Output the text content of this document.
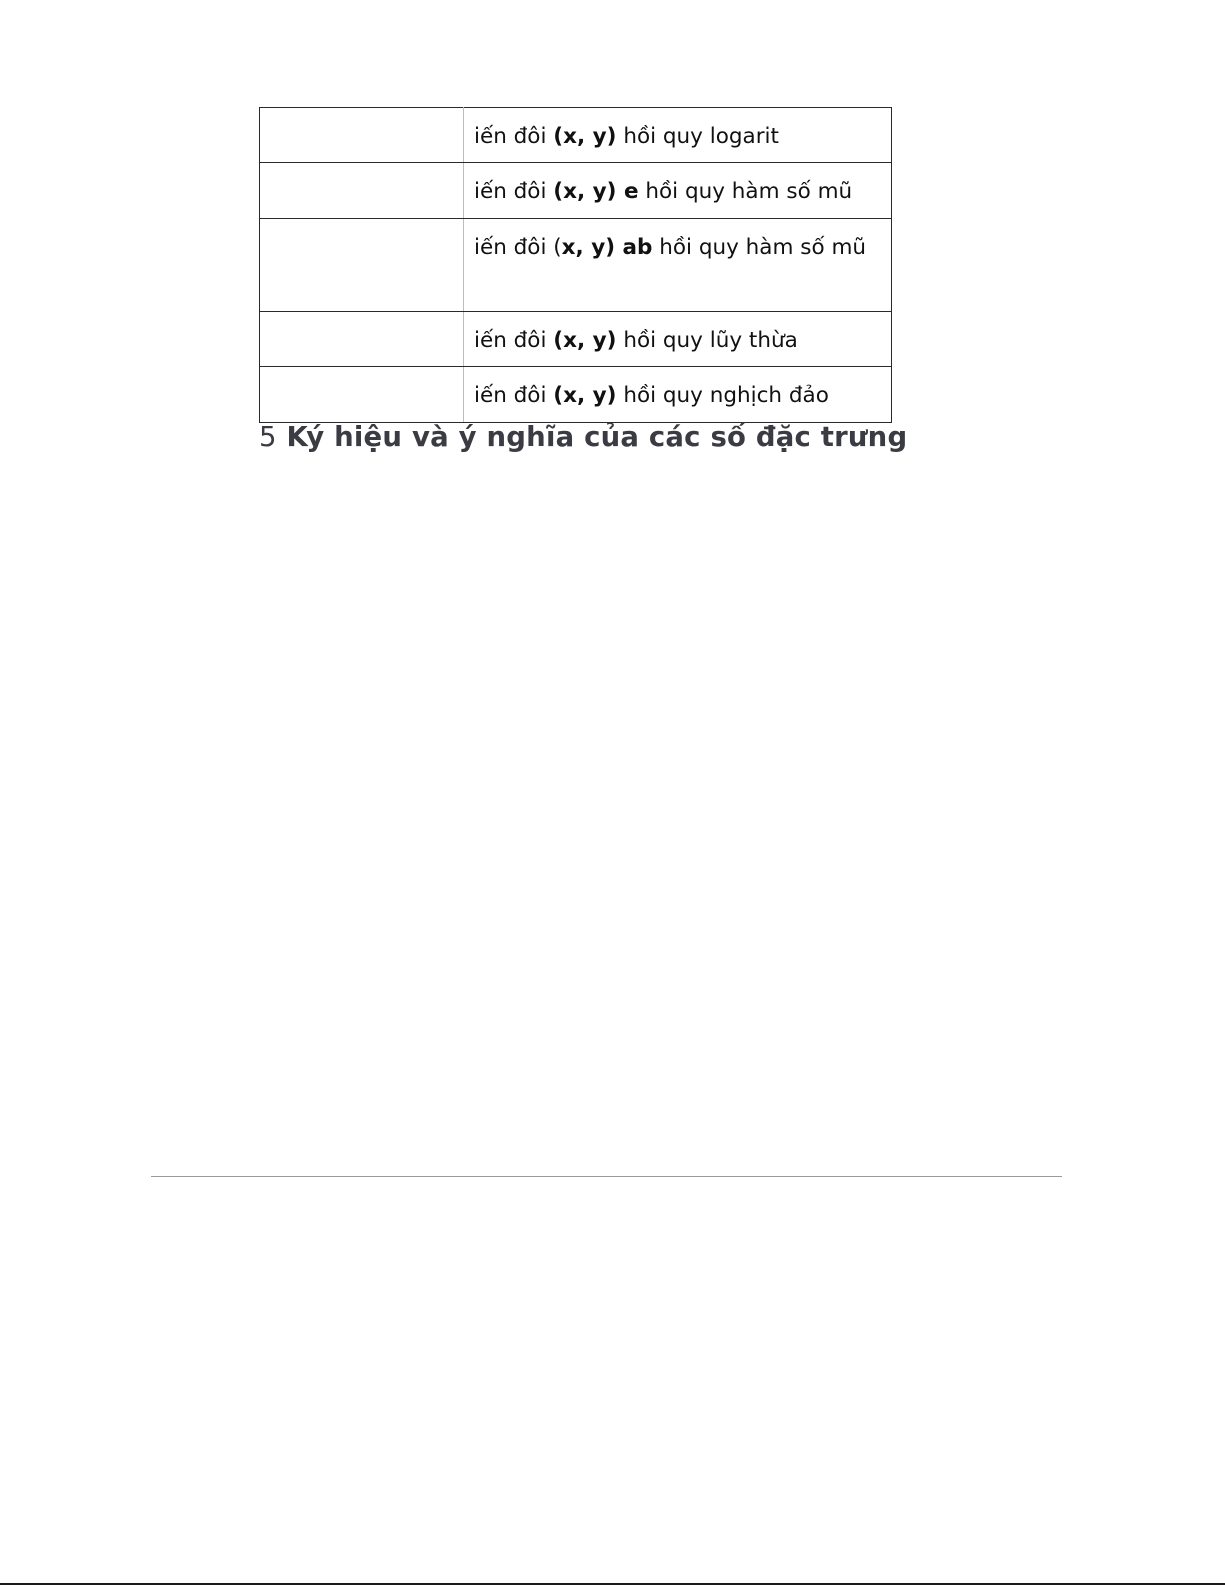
	iến đôi (x, y) hồi quy logarit

	iến đôi (x, y) e hồi quy hàm số mũ

	iến đôi (x, y) ab hồi quy hàm số mũ

	iến đôi (x, y) hồi quy lũy thừa

	iến đôi (x, y) hồi quy nghịch đảo
5 Ký hiệu và ý nghĩa của các số đặc trưng
